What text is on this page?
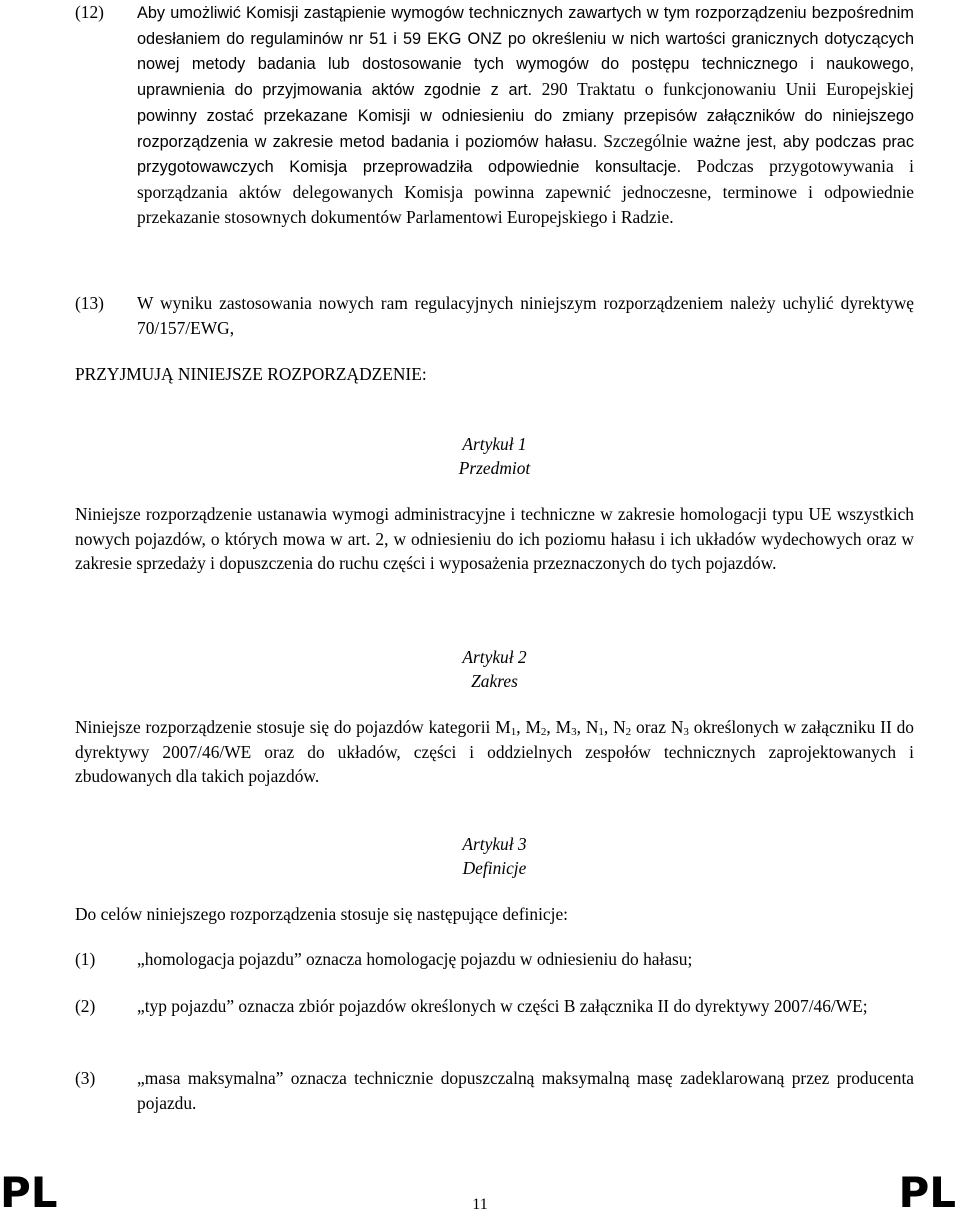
(12) Aby umożliwić Komisji zastąpienie wymogów technicznych zawartych w tym rozporządzeniu bezpośrednim odesłaniem do regulaminów nr 51 i 59 EKG ONZ po określeniu w nich wartości granicznych dotyczących nowej metody badania lub dostosowanie tych wymogów do postępu technicznego i naukowego, uprawnienia do przyjmowania aktów zgodnie z art. 290 Traktatu o funkcjonowaniu Unii Europejskiej powinny zostać przekazane Komisji w odniesieniu do zmiany przepisów załączników do niniejszego rozporządzenia w zakresie metod badania i poziomów hałasu. Szczególnie ważne jest, aby podczas prac przygotowawczych Komisja przeprowadziła odpowiednie konsultacje. Podczas przygotowywania i sporządzania aktów delegowanych Komisja powinna zapewnić jednoczesne, terminowe i odpowiednie przekazanie stosownych dokumentów Parlamentowi Europejskiego i Radzie.
(13) W wyniku zastosowania nowych ram regulacyjnych niniejszym rozporządzeniem należy uchylić dyrektywę 70/157/EWG,

PRZYJMUJĄ NINIEJSZE ROZPORZĄDZENIE:

Artykuł 1
Przedmiot

Niniejsze rozporządzenie ustanawia wymogi administracyjne i techniczne w zakresie homologacji typu UE wszystkich nowych pojazdów, o których mowa w art. 2, w odniesieniu do ich poziomu hałasu i ich układów wydechowych oraz w zakresie sprzedaży i dopuszczenia do ruchu części i wyposażenia przeznaczonych do tych pojazdów.

Artykuł 2
Zakres

Niniejsze rozporządzenie stosuje się do pojazdów kategorii $M_1$, $M_2$, $M_3$, $N_1$, $N_2$ oraz $N_3$ określonych w załączniku II do dyrektywy 2007/46/WE oraz do układów, części i oddzielnych zespołów technicznych zaprojektowanych i zbudowanych dla takich pojazdów.

Artykuł 3
Definicje

Do celów niniejszego rozporządzenia stosuje się następujące definicje:

(1) „homologacja pojazdu” oznacza homologację pojazdu w odniesieniu do hałasu;
(2) „typ pojazdu” oznacza zbiór pojazdów określonych w części B załącznika II do dyrektywy 2007/46/WE;
(3) „masa maksymalna” oznacza technicznie dopuszczalną maksymalną masę zadeklarowaną przez producenta pojazdu.
PL	11	PL
